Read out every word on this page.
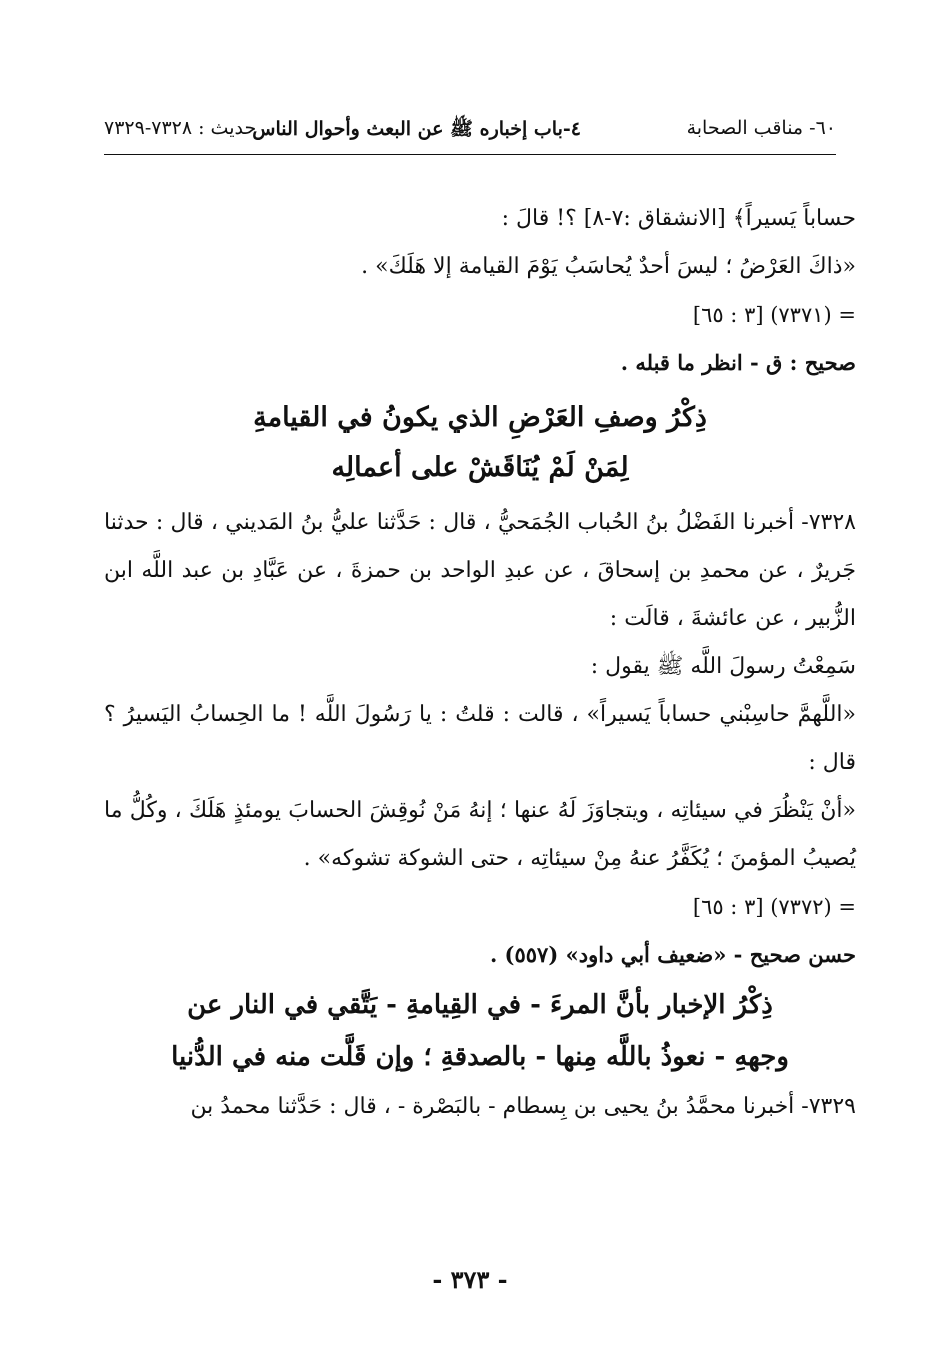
٦٠- مناقب الصحابة
٤-باب إخباره ﷺ عن البعث وأحوال الناس
حديث : ٧٣٢٨-٧٣٢٩

حساباً يَسيراً﴾ [الانشقاق :٧-٨] ؟! قالَ :

«ذاكَ العَرْضُ ؛ ليسَ أحدٌ يُحاسَبُ يَوْمَ القيامة إلا هَلَكَ» .

= (٧٣٧١) [٣ : ٦٥]

صحيح : ق - انظر ما قبله .

ذِكْرُ وصفِ العَرْضِ الذي يكونُ في القيامةِ
لِمَنْ لَمْ يُنَاقَشْ على أعمالِه

٧٣٢٨- أخبرنا الفَضْلُ بنُ الحُباب الجُمَحيُّ ، قال : حَدَّثنا عليُّ بنُ المَديني ، قال : حدثنا جَريرٌ ، عن محمدِ بن إسحاقَ ، عن عبدِ الواحد بن حمزةَ ، عن عَبَّادِ بن عبد اللَّه ابن الزُّبير ، عن عائشةَ ، قالَت :

سَمِعْتُ رسولَ اللَّه ﷺ يقول :

«اللَّهمَّ حاسِبْني حساباً يَسيراً» ، قالت : قلتُ : يا رَسُولَ اللَّه ! ما الحِسابُ اليَسيرُ ؟ قال :

«أنْ يَنْظُرَ في سيئاتِه ، ويتجاوَزَ لَهُ عنها ؛ إنهُ مَنْ نُوقِشَ الحسابَ يومئذٍ هَلَكَ ، وكُلُّ ما يُصيبُ المؤمنَ ؛ يُكَفَّرُ عنهُ مِنْ سيئاتِه ، حتى الشوكة تشوكه» .

= (٧٣٧٢) [٣ : ٦٥]

حسن صحيح - «ضعيف أبي داود» (٥٥٧) .

ذِكْرُ الإخبار بأنَّ المرءَ - في القِيامةِ - يَتَّقي في النار عن وجههِ - نعوذُ باللَّه مِنها - بالصدقةِ ؛ وإن قَلَّت منه في الدُّنيا

٧٣٢٩- أخبرنا محمَّدُ بنُ يحيى بن بِسطام - بالبَصْرة - ، قال : حَدَّثنا محمدُ بن

- ٣٧٣ -
